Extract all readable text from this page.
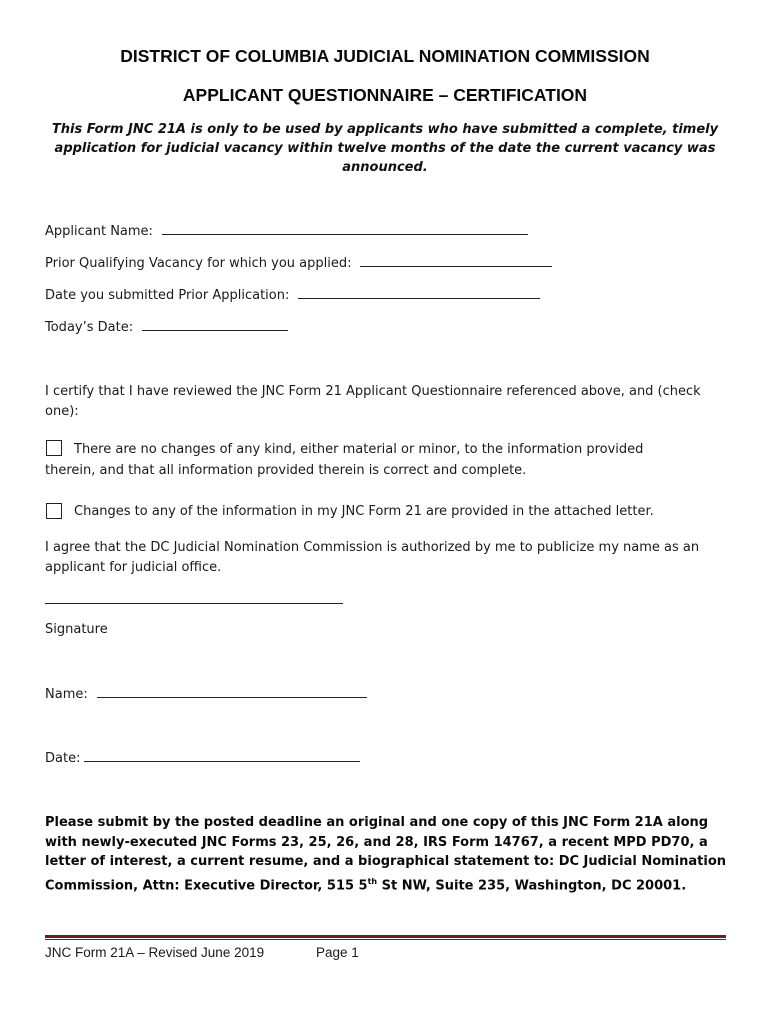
DISTRICT OF COLUMBIA JUDICIAL NOMINATION COMMISSION
APPLICANT QUESTIONNAIRE – CERTIFICATION
This Form JNC 21A is only to be used by applicants who have submitted a complete, timely application for judicial vacancy within twelve months of the date the current vacancy was announced.
Applicant Name:
Prior Qualifying Vacancy for which you applied:
Date you submitted Prior Application:
Today’s Date:
I certify that I have reviewed the JNC Form 21 Applicant Questionnaire referenced above, and (check one):
There are no changes of any kind, either material or minor, to the information provided
therein, and that all information provided therein is correct and complete.
Changes to any of the information in my JNC Form 21 are provided in the attached letter.
I agree that the DC Judicial Nomination Commission is authorized by me to publicize my name as an applicant for judicial office.
Signature
Name:
Date:
Please submit by the posted deadline an original and one copy of this JNC Form 21A along with newly-executed JNC Forms 23, 25, 26, and 28, IRS Form 14767, a recent MPD PD70, a letter of interest, a current resume, and a biographical statement to: DC Judicial Nomination Commission, Attn: Executive Director, 515 5th St NW, Suite 235, Washington, DC 20001.
JNC Form 21A – Revised June 2019	Page 1
